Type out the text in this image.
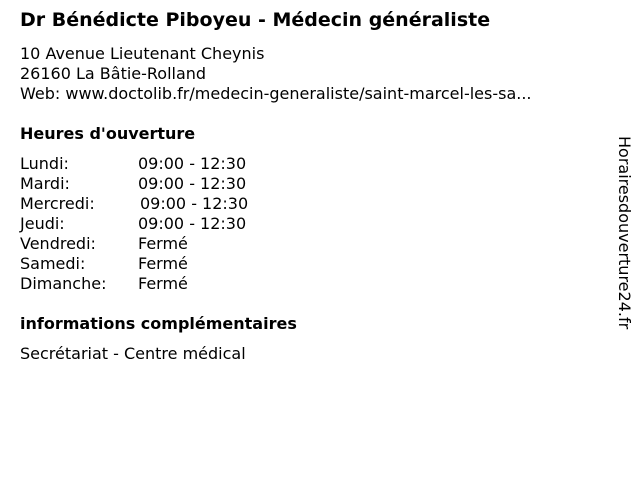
Dr Bénédicte Piboyeu - Médecin généraliste
10 Avenue Lieutenant Cheynis
26160 La Bâtie-Rolland
Web: www.doctolib.fr/medecin-generaliste/saint-marcel-les-sa...
Heures d'ouverture
Lundi:	09:00 - 12:30
Mardi:	09:00 - 12:30
Mercredi:	09:00 - 12:30
Jeudi:	09:00 - 12:30
Vendredi:	Fermé
Samedi:	Fermé
Dimanche: Fermé
informations complémentaires
Secrétariat - Centre médical
Horairesdouverture24.fr
